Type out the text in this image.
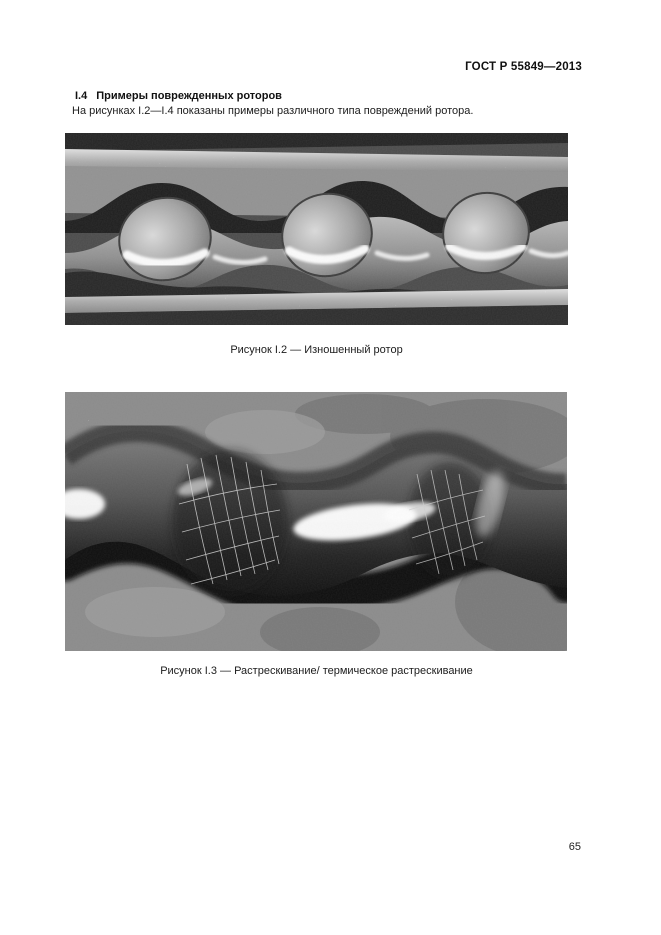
ГОСТ Р 55849—2013
I.4 Примеры поврежденных роторов

На рисунках I.2—I.4 показаны примеры различного типа повреждений ротора.

Рисунок I.2 — Изношенный ротор
Рисунок I.3 — Растрескивание/ термическое растрескивание
65
